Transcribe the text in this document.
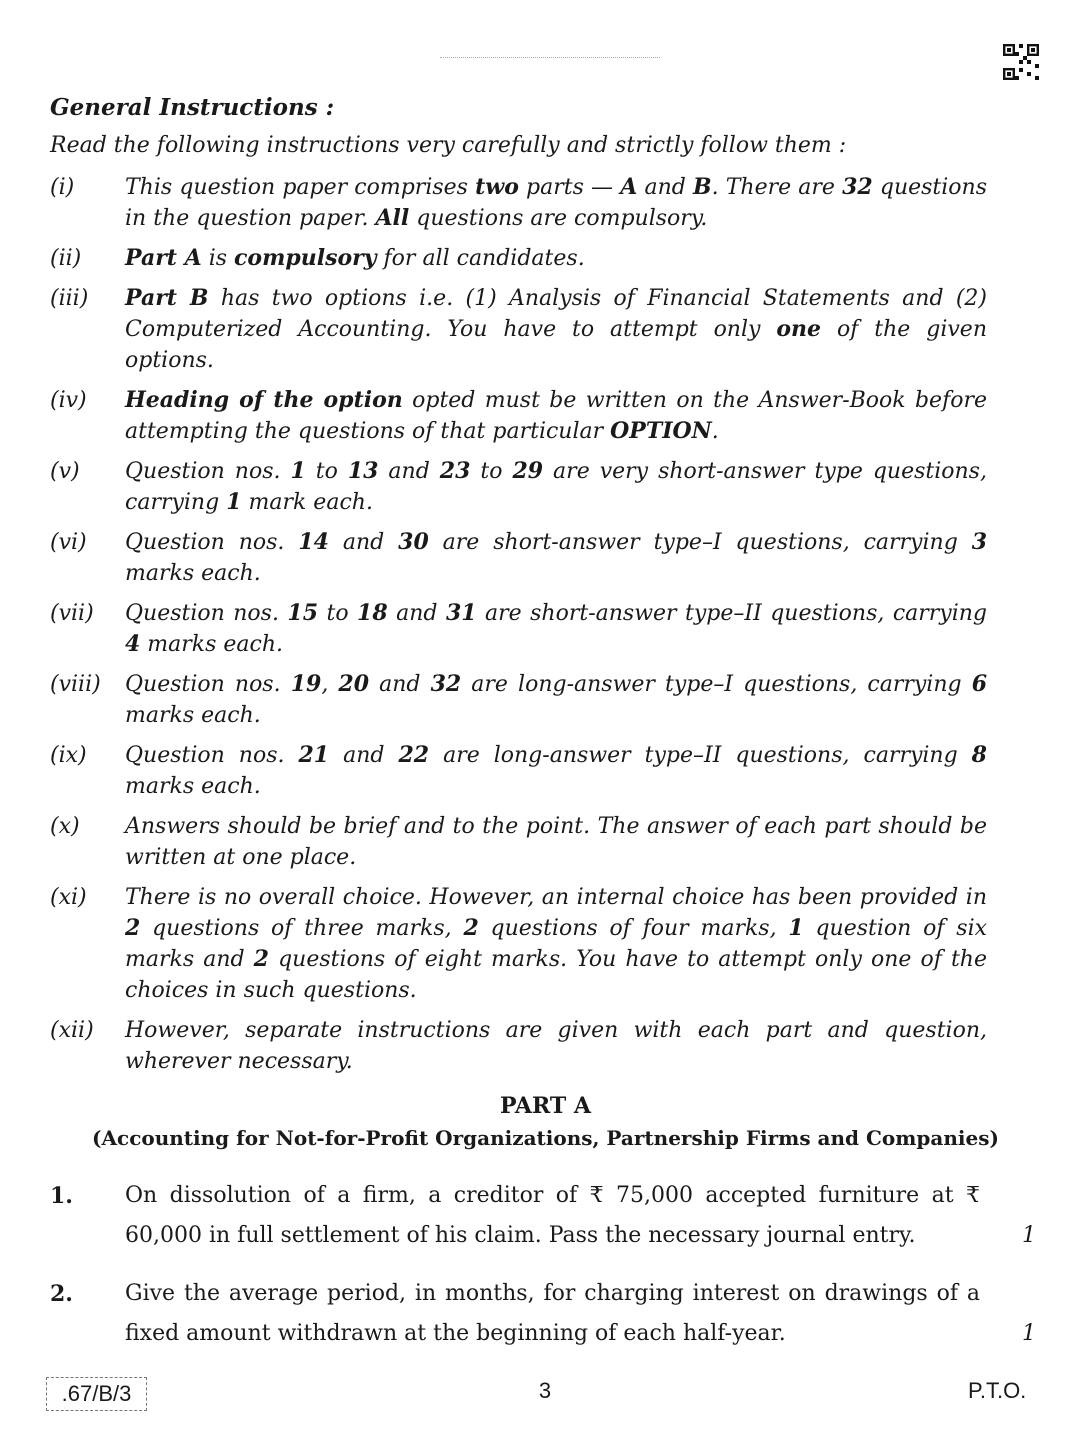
General Instructions :
Read the following instructions very carefully and strictly follow them :
(i)	This question paper comprises two parts — A and B. There are 32 questions in the question paper. All questions are compulsory.
(ii)	Part A is compulsory for all candidates.
(iii)	Part B has two options i.e. (1) Analysis of Financial Statements and (2) Computerized Accounting. You have to attempt only one of the given options.
(iv)	Heading of the option opted must be written on the Answer-Book before attempting the questions of that particular OPTION.
(v)	Question nos. 1 to 13 and 23 to 29 are very short-answer type questions, carrying 1 mark each.
(vi)	Question nos. 14 and 30 are short-answer type–I questions, carrying 3 marks each.
(vii)	Question nos. 15 to 18 and 31 are short-answer type–II questions, carrying 4 marks each.
(viii)	Question nos. 19, 20 and 32 are long-answer type–I questions, carrying 6 marks each.
(ix)	Question nos. 21 and 22 are long-answer type–II questions, carrying 8 marks each.
(x)	Answers should be brief and to the point. The answer of each part should be written at one place.
(xi)	There is no overall choice. However, an internal choice has been provided in 2 questions of three marks, 2 questions of four marks, 1 question of six marks and 2 questions of eight marks. You have to attempt only one of the choices in such questions.
(xii)	However, separate instructions are given with each part and question, wherever necessary.
PART A
(Accounting for Not-for-Profit Organizations, Partnership Firms and Companies)
1. On dissolution of a firm, a creditor of ₹ 75,000 accepted furniture at ₹ 60,000 in full settlement of his claim. Pass the necessary journal entry.	1
2. Give the average period, in months, for charging interest on drawings of a fixed amount withdrawn at the beginning of each half-year.	1
.67/B/3	3	P.T.O.
